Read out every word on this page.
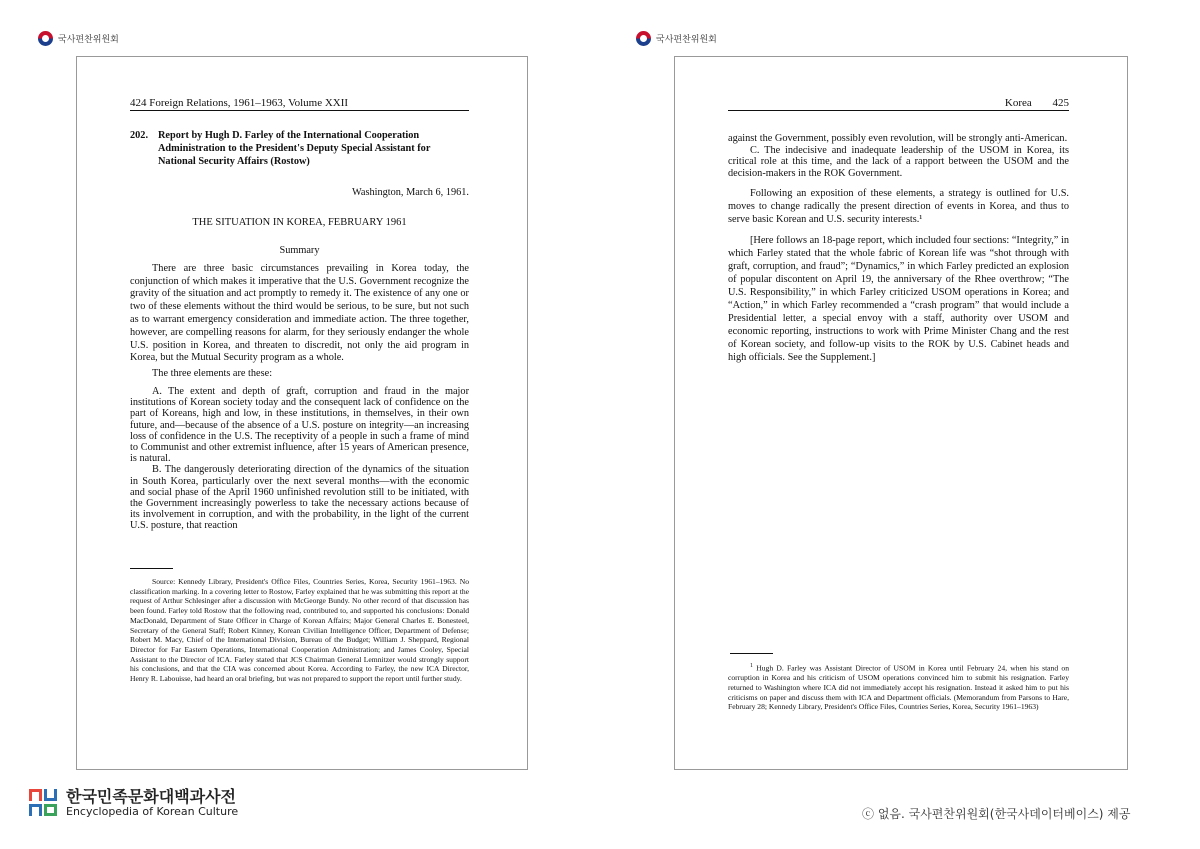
국사편찬위원회	국사편찬위원회
424 Foreign Relations, 1961–1963, Volume XXII
202. Report by Hugh D. Farley of the International Cooperation Administration to the President's Deputy Special Assistant for National Security Affairs (Rostow)

Washington, March 6, 1961.

THE SITUATION IN KOREA, FEBRUARY 1961

Summary

There are three basic circumstances prevailing in Korea today, the conjunction of which makes it imperative that the U.S. Government recognize the gravity of the situation and act promptly to remedy it. The existence of any one or two of these elements without the third would be serious, to be sure, but not such as to warrant emergency consideration and immediate action. The three together, however, are compelling reasons for alarm, for they seriously endanger the whole U.S. position in Korea, and threaten to discredit, not only the aid program in Korea, but the Mutual Security program as a whole.

The three elements are these:

A. The extent and depth of graft, corruption and fraud in the major institutions of Korean society today and the consequent lack of confidence on the part of Koreans, high and low, in these institutions, in themselves, in their own future, and—because of the absence of a U.S. posture on integrity—an increasing loss of confidence in the U.S. The receptivity of a people in such a frame of mind to Communist and other extremist influence, after 15 years of American presence, is natural.

B. The dangerously deteriorating direction of the dynamics of the situation in South Korea, particularly over the next several months—with the economic and social phase of the April 1960 unfinished revolution still to be initiated, with the Government increasingly powerless to take the necessary actions because of its involvement in corruption, and with the probability, in the light of the current U.S. posture, that reaction

Source: Kennedy Library, President's Office Files, Countries Series, Korea, Security 1961–1963. No classification marking. In a covering letter to Rostow, Farley explained that he was submitting this report at the request of Arthur Schlesinger after a discussion with McGeorge Bundy. No other record of that discussion has been found. Farley told Rostow that the following read, contributed to, and supported his conclusions: Donald MacDonald, Department of State Officer in Charge of Korean Affairs; Major General Charles E. Bonesteel, Secretary of the General Staff; Robert Kinney, Korean Civilian Intelligence Officer, Department of Defense; Robert M. Macy, Chief of the International Division, Bureau of the Budget; William J. Sheppard, Regional Director for Far Eastern Operations, International Cooperation Administration; and James Cooley, Special Assistant to the Director of ICA. Farley stated that JCS Chairman General Lemnitzer would strongly support his conclusions, and that the CIA was concerned about Korea. According to Farley, the new ICA Director, Henry R. Labouisse, had heard an oral briefing, but was not prepared to support the report until further study.

Korea 425

against the Government, possibly even revolution, will be strongly anti-American.

C. The indecisive and inadequate leadership of the USOM in Korea, its critical role at this time, and the lack of a rapport between the USOM and the decision-makers in the ROK Government.

Following an exposition of these elements, a strategy is outlined for U.S. moves to change radically the present direction of events in Korea, and thus to serve basic Korean and U.S. security interests.¹

[Here follows an 18-page report, which included four sections: “Integrity,” in which Farley stated that the whole fabric of Korean life was “shot through with graft, corruption, and fraud”; “Dynamics,” in which Farley predicted an explosion of popular discontent on April 19, the anniversary of the Rhee overthrow; “The U.S. Responsibility,” in which Farley criticized USOM operations in Korea; and “Action,” in which Farley recommended a “crash program” that would include a Presidential letter, a special envoy with a staff, authority over USOM and economic reporting, instructions to work with Prime Minister Chang and the rest of Korean society, and follow-up visits to the ROK by U.S. Cabinet heads and high officials. See the Supplement.]

$^1$ Hugh D. Farley was Assistant Director of USOM in Korea until February 24, when his stand on corruption in Korea and his criticism of USOM operations convinced him to submit his resignation. Farley returned to Washington where ICA did not immediately accept his resignation. Instead it asked him to put his criticisms on paper and discuss them with ICA and Department officials. (Memorandum from Parsons to Hare, February 28; Kennedy Library, President's Office Files, Countries Series, Korea, Security 1961–1963)

한국민족문화대백과사전
Encyclopedia of Korean Culture	ⓒ 없음. 국사편찬위원회(한국사데이터베이스) 제공
